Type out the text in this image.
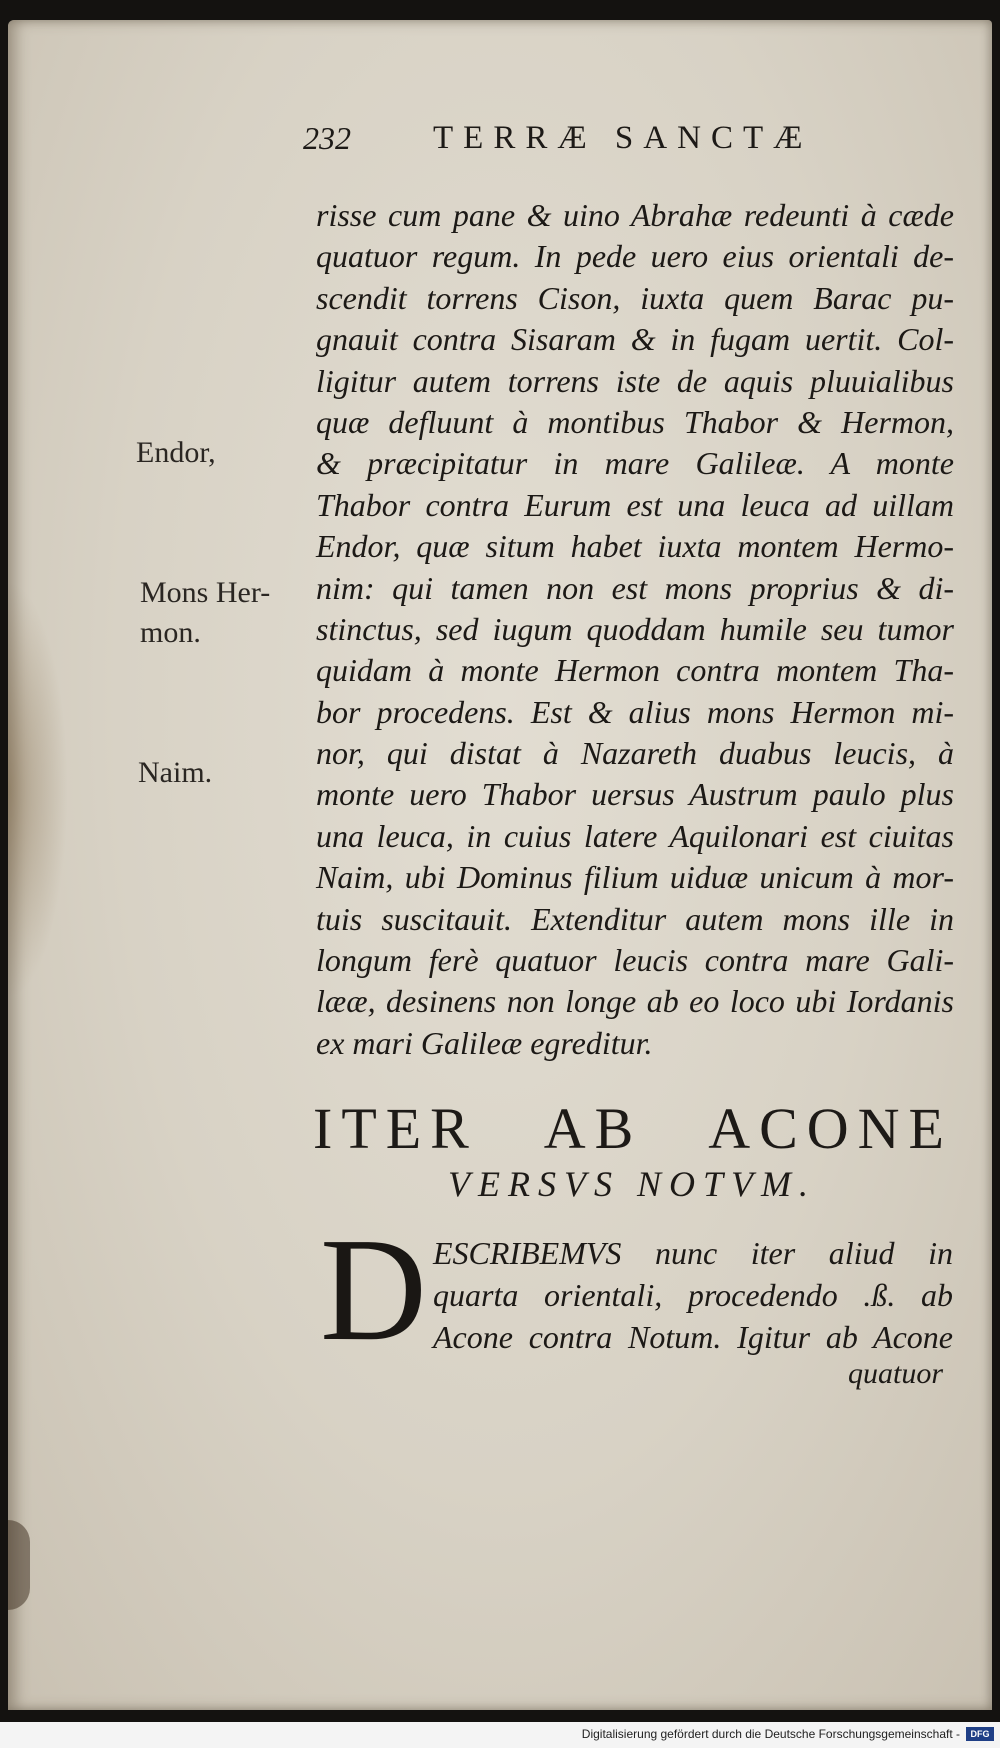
232 TERRÆ SANCTÆ
Endor,
Mons Her-
mon.
Naim.
risse cum pane & uino Abrahæ redeunti à cæde
quatuor regum. In pede uero eius orientali de-
scendit torrens Cison, iuxta quem Barac pu-
gnauit contra Sisaram & in fugam uertit. Col-
ligitur autem torrens iste de aquis pluuialibus
quæ defluunt à montibus Thabor & Hermon,
& præcipitatur in mare Galileæ. A monte
Thabor contra Eurum est una leuca ad uillam
Endor, quæ situm habet iuxta montem Hermo-
nim: qui tamen non est mons proprius & di-
stinctus, sed iugum quoddam humile seu tumor
quidam à monte Hermon contra montem Tha-
bor procedens. Est & alius mons Hermon mi-
nor, qui distat à Nazareth duabus leucis, à
monte uero Thabor uersus Austrum paulo plus
una leuca, in cuius latere Aquilonari est ciuitas
Naim, ubi Dominus filium uiduæ unicum à mor-
tuis suscitauit. Extenditur autem mons ille in
longum ferè quatuor leucis contra mare Gali-
lææ, desinens non longe ab eo loco ubi Iordanis
ex mari Galileæ egreditur.
ITER AB ACONE
VERSVS NOTVM.
D ESCRIBEMVS nunc iter aliud in
quarta orientali, procedendo .ß. ab
Acone contra Notum. Igitur ab Acone
quatuor
Digitalisierung gefördert durch die Deutsche Forschungsgemeinschaft -	DFG
